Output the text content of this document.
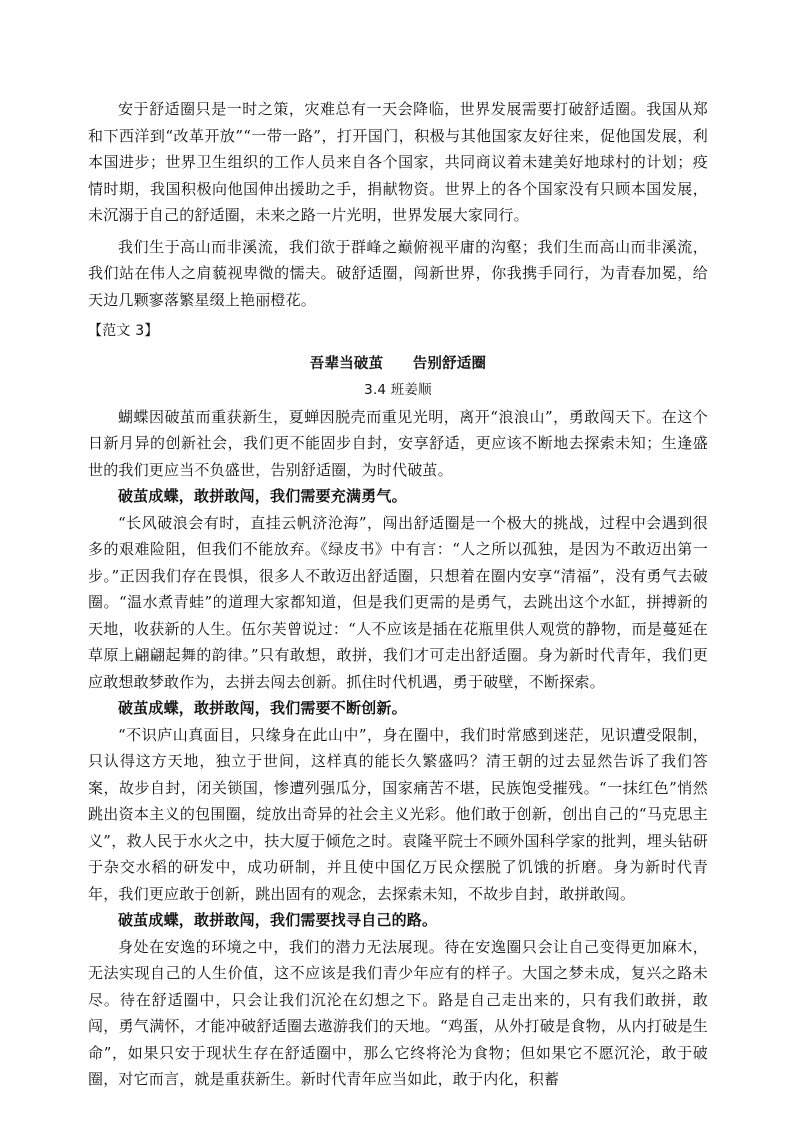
安于舒适圈只是一时之策，灾难总有一天会降临，世界发展需要打破舒适圈。我国从郑和下西洋到“改革开放”“一带一路”，打开国门，积极与其他国家友好往来，促他国发展，利本国进步；世界卫生组织的工作人员来自各个国家，共同商议着未建美好地球村的计划；疫情时期，我国积极向他国伸出援助之手，捐献物资。世界上的各个国家没有只顾本国发展，未沉溺于自己的舒适圈，未来之路一片光明，世界发展大家同行。

我们生于高山而非溪流，我们欲于群峰之巅俯视平庸的沟壑；我们生而高山而非溪流，我们站在伟人之肩藐视卑微的懦夫。破舒适圈，闯新世界，你我携手同行，为青春加冕，给天边几颗寥落繁星缀上艳丽橙花。

【范文 3】

吾辈当破茧　　告别舒适圈

3.4 班姜顺

蝴蝶因破茧而重获新生，夏蝉因脱壳而重见光明，离开“浪浪山”，勇敢闯天下。在这个日新月异的创新社会，我们更不能固步自封，安享舒适，更应该不断地去探索未知；生逢盛世的我们更应当不负盛世，告别舒适圈，为时代破茧。

破茧成蝶，敢拼敢闯，我们需要充满勇气。

“长风破浪会有时，直挂云帆济沧海”，闯出舒适圈是一个极大的挑战，过程中会遇到很多的艰难险阻，但我们不能放弃。《绿皮书》中有言：“人之所以孤独，是因为不敢迈出第一步。”正因我们存在畏惧，很多人不敢迈出舒适圈，只想着在圈内安享“清福”，没有勇气去破圈。“温水煮青蛙”的道理大家都知道，但是我们更需的是勇气，去跳出这个水缸，拼搏新的天地，收获新的人生。伍尔芙曾说过：“人不应该是插在花瓶里供人观赏的静物，而是蔓延在草原上翩翩起舞的韵律。”只有敢想，敢拼，我们才可走出舒适圈。身为新时代青年，我们更应敢想敢梦敢作为，去拼去闯去创新。抓住时代机遇，勇于破壁，不断探索。

破茧成蝶，敢拼敢闯，我们需要不断创新。

“不识庐山真面目，只缘身在此山中”，身在圈中，我们时常感到迷茫，见识遭受限制，只认得这方天地，独立于世间，这样真的能长久繁盛吗？清王朝的过去显然告诉了我们答案，故步自封，闭关锁国，惨遭列强瓜分，国家痛苦不堪，民族饱受摧残。“一抹红色”悄然跳出资本主义的包围圈，绽放出奇异的社会主义光彩。他们敢于创新，创出自己的“马克思主义”，救人民于水火之中，扶大厦于倾危之时。袁隆平院士不顾外国科学家的批判，埋头钻研于杂交水稻的研发中，成功研制，并且使中国亿万民众摆脱了饥饿的折磨。身为新时代青年，我们更应敢于创新，跳出固有的观念，去探索未知，不故步自封，敢拼敢闯。

破茧成蝶，敢拼敢闯，我们需要找寻自己的路。

身处在安逸的环境之中，我们的潜力无法展现。待在安逸圈只会让自己变得更加麻木，无法实现自己的人生价值，这不应该是我们青少年应有的样子。大国之梦未成，复兴之路未尽。待在舒适圈中，只会让我们沉沦在幻想之下。路是自己走出来的，只有我们敢拼，敢闯，勇气满怀，才能冲破舒适圈去遨游我们的天地。“鸡蛋，从外打破是食物，从内打破是生命”，如果只安于现状生存在舒适圈中，那么它终将沦为食物；但如果它不愿沉沦，敢于破圈，对它而言，就是重获新生。新时代青年应当如此，敢于内化，积蓄
